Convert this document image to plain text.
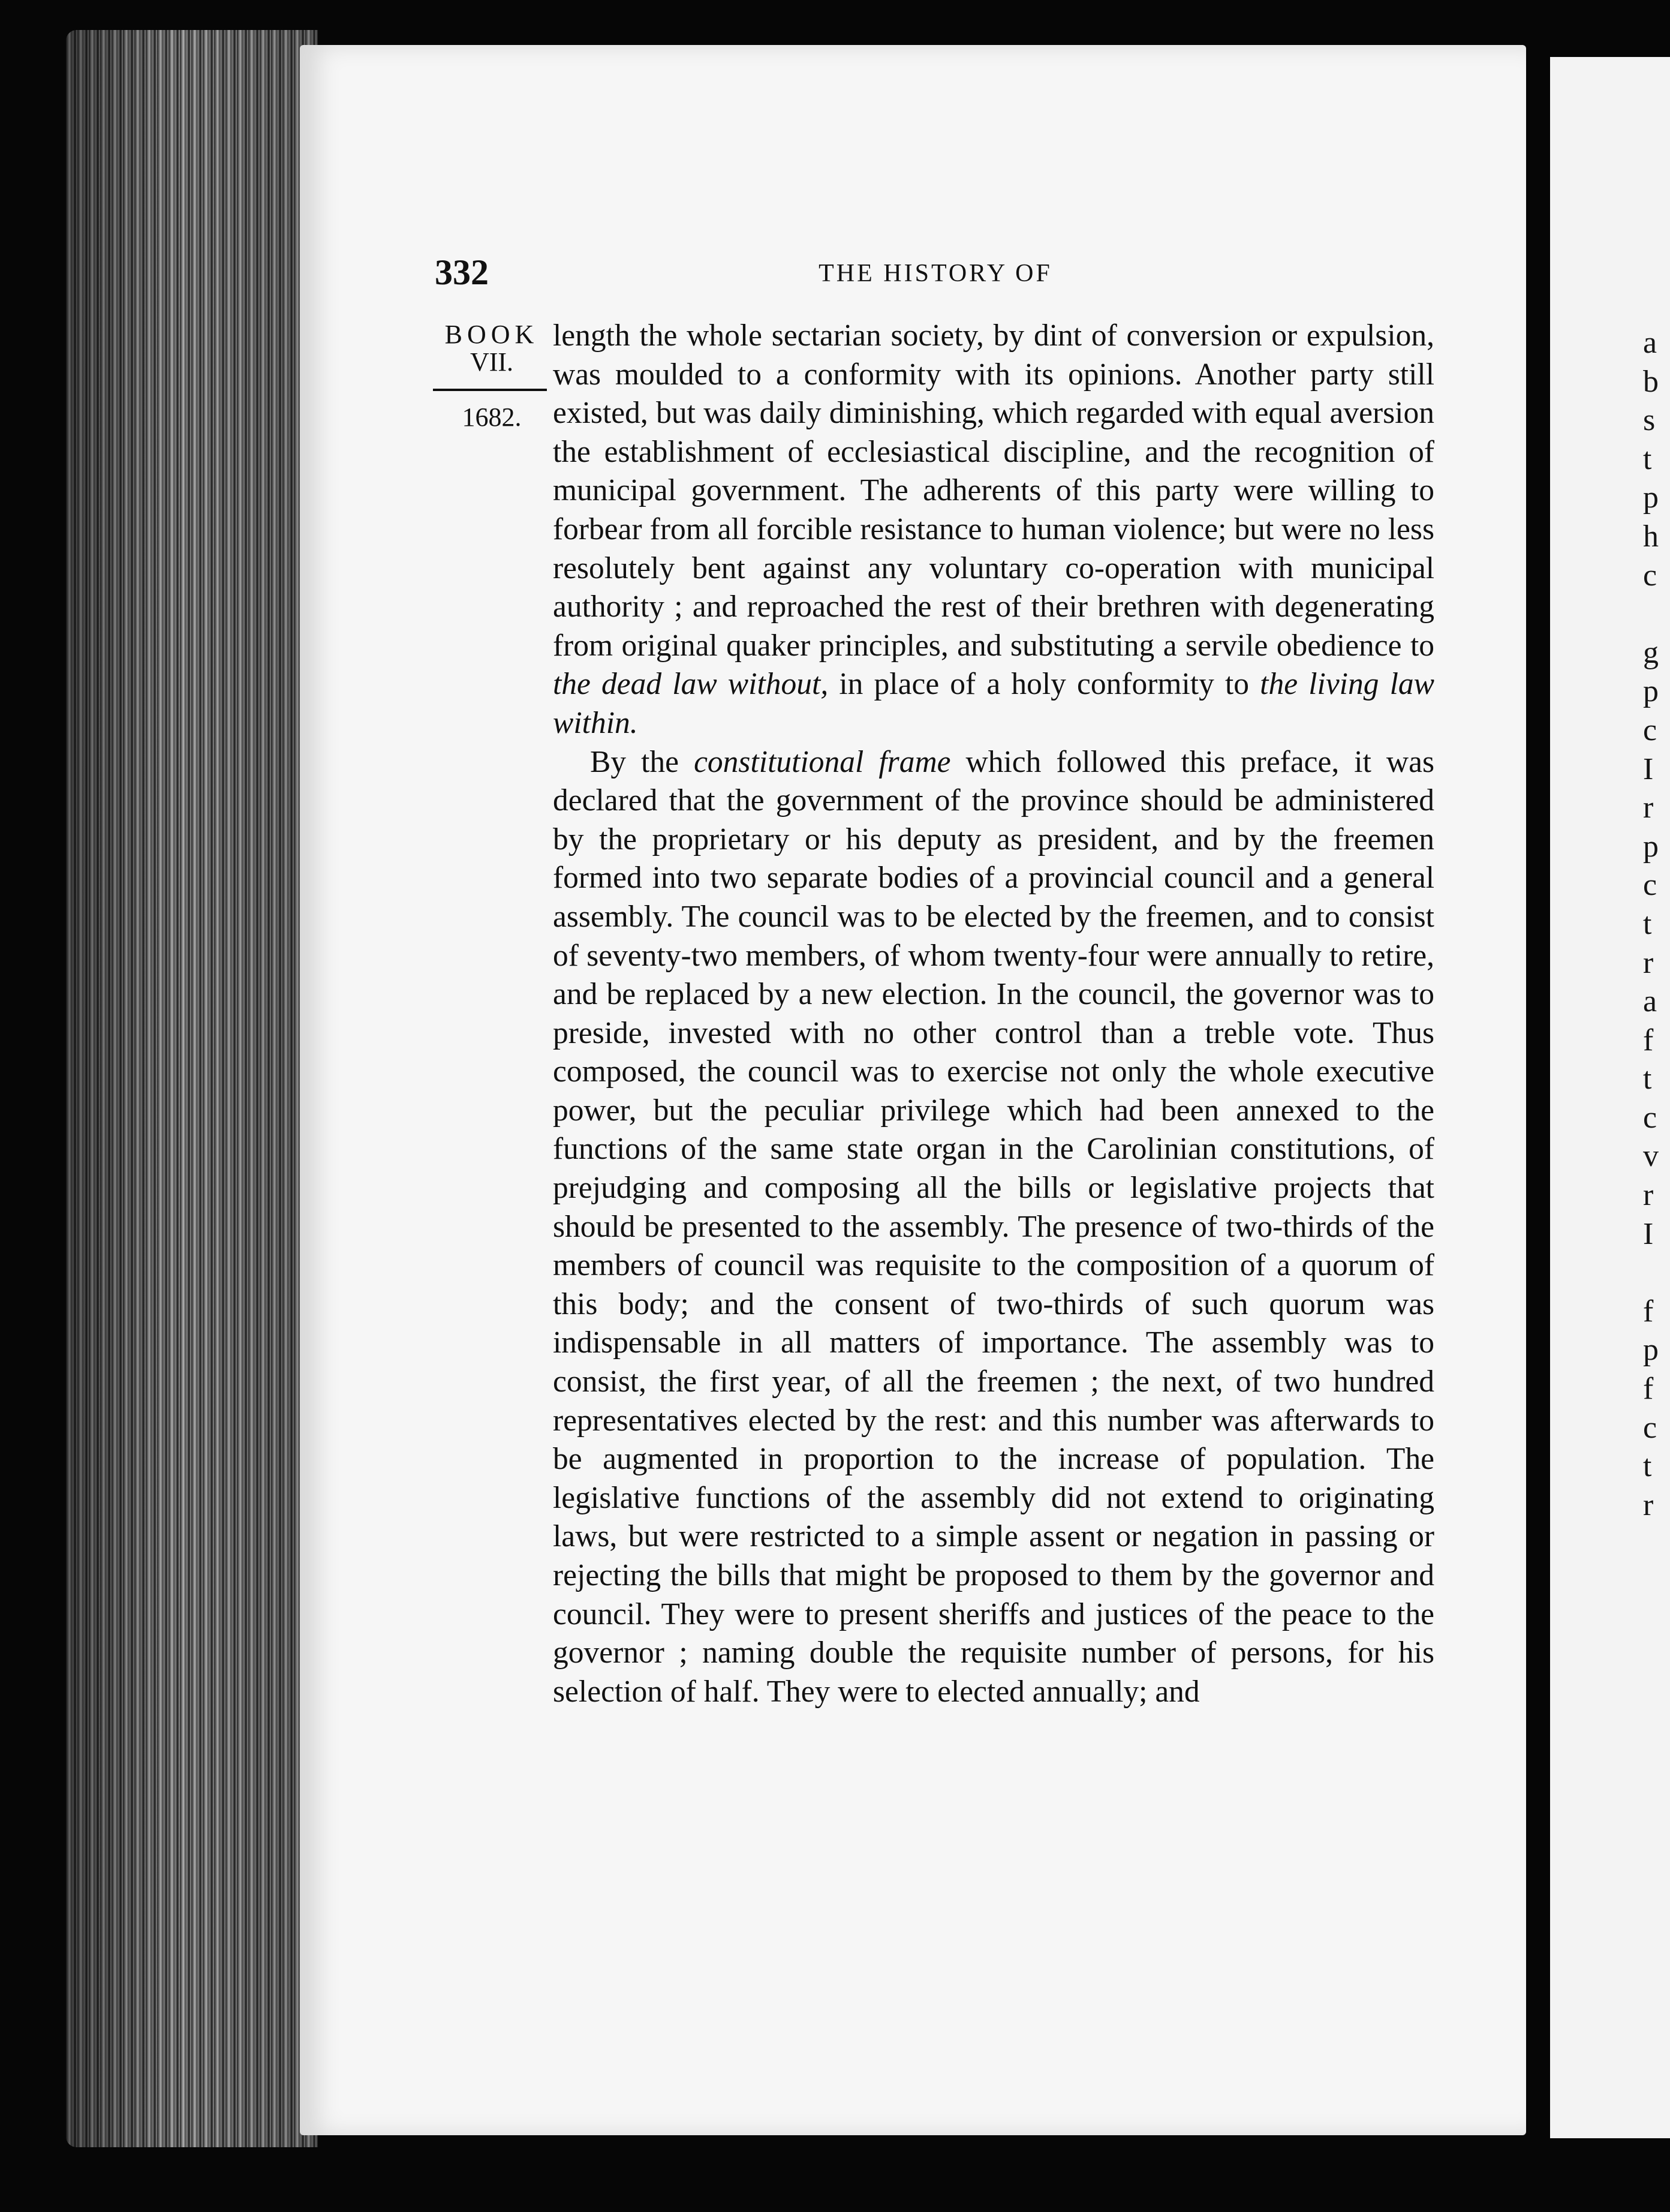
a
b
s
t
p
h
c

g
p
c
I
r
p
c
t
r
a
f
t
c
v
r
I

f
p
f
c
t
r
332	THE HISTORY OF
BOOK
VII.
1682.

length the whole sectarian society, by dint of conversion or expulsion, was moulded to a conformity with its opinions. Another party still existed, but was daily diminishing, which regarded with equal aversion the establishment of ecclesiastical discipline, and the recognition of municipal government. The adherents of this party were willing to forbear from all forcible resistance to human violence; but were no less resolutely bent against any voluntary co-operation with municipal authority ; and reproached the rest of their brethren with degenerating from original quaker principles, and substituting a servile obedience to the dead law without, in place of a holy conformity to the living law within.

By the constitutional frame which followed this preface, it was declared that the government of the province should be administered by the proprietary or his deputy as president, and by the freemen formed into two separate bodies of a provincial council and a general assembly. The council was to be elected by the freemen, and to consist of seventy-two members, of whom twenty-four were annually to retire, and be replaced by a new election. In the council, the governor was to preside, invested with no other control than a treble vote. Thus composed, the council was to exercise not only the whole executive power, but the peculiar privilege which had been annexed to the functions of the same state organ in the Carolinian constitutions, of prejudging and composing all the bills or legislative projects that should be presented to the assembly. The presence of two-thirds of the members of council was requisite to the composition of a quorum of this body; and the consent of two-thirds of such quorum was indispensable in all matters of importance. The assembly was to consist, the first year, of all the freemen ; the next, of two hundred representatives elected by the rest: and this number was afterwards to be augmented in proportion to the increase of population. The legislative functions of the assembly did not extend to originating laws, but were restricted to a simple assent or negation in passing or rejecting the bills that might be proposed to them by the governor and council. They were to present sheriffs and justices of the peace to the governor ; naming double the requisite number of persons, for his selection of half. They were to elected annually; and
